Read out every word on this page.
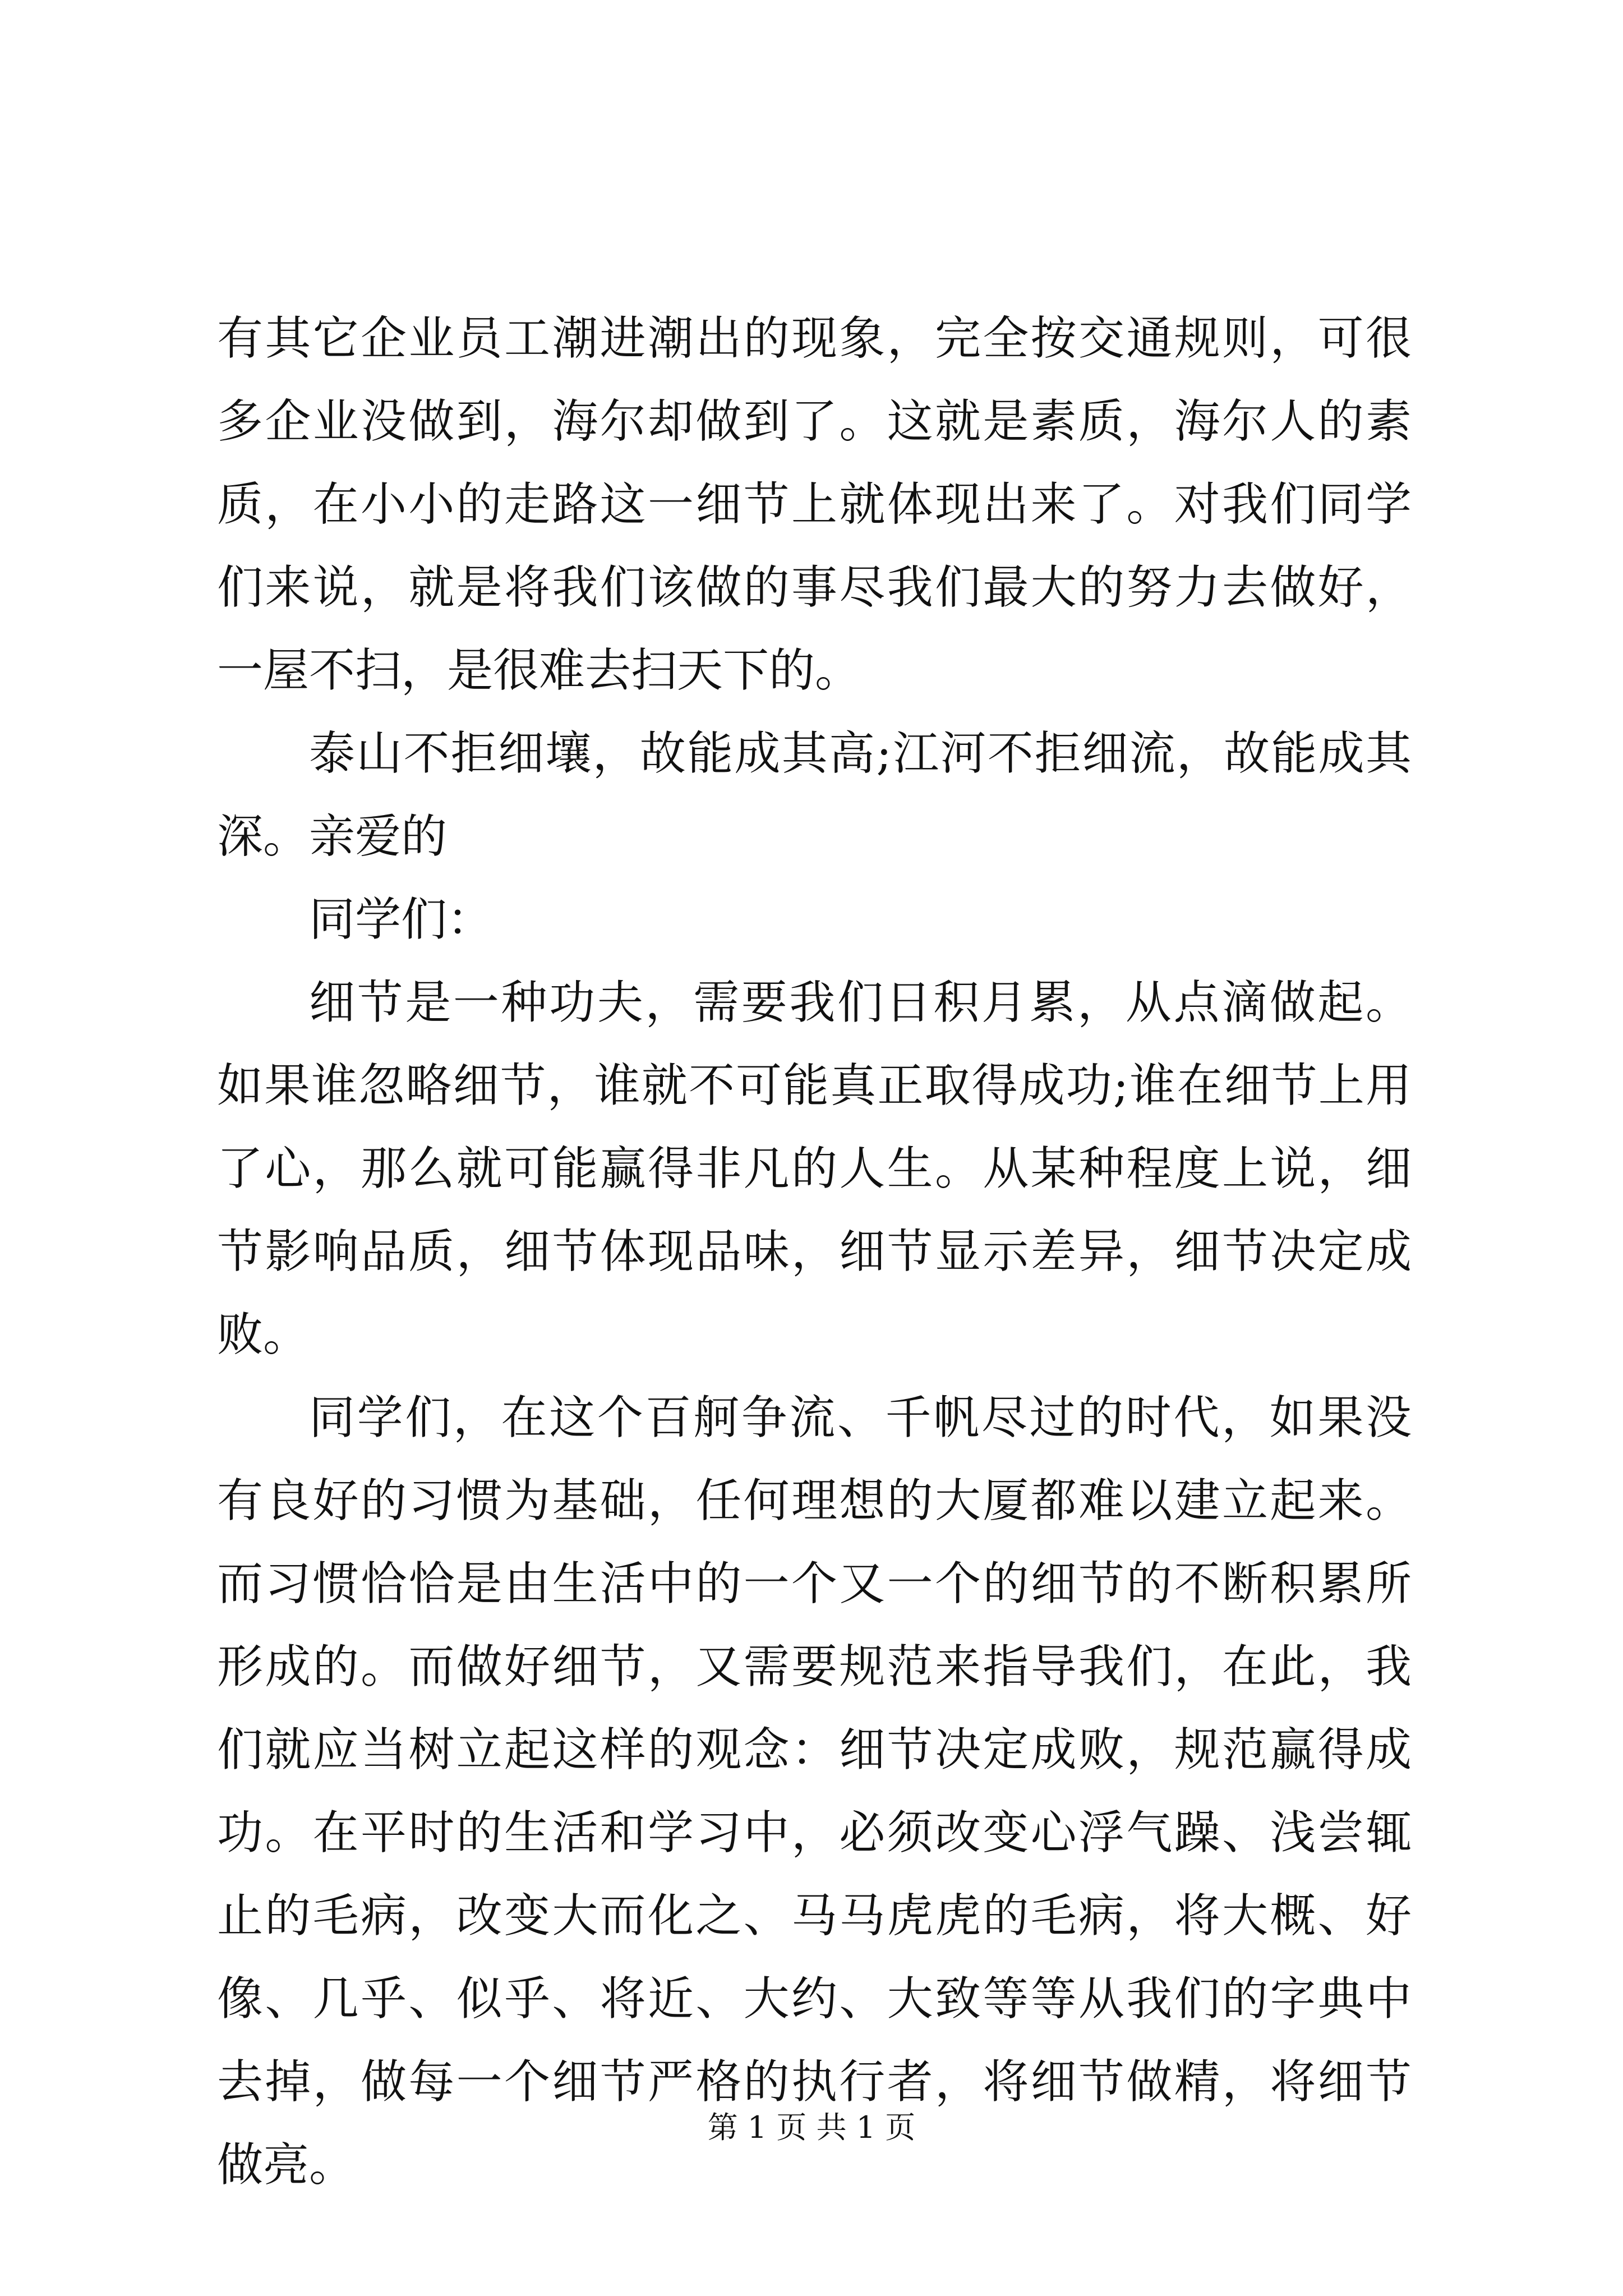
有其它企业员工潮进潮出的现象，完全按交通规则，可很多企业没做到，海尔却做到了。这就是素质，海尔人的素质，在小小的走路这一细节上就体现出来了。对我们同学们来说，就是将我们该做的事尽我们最大的努力去做好，一屋不扫，是很难去扫天下的。

泰山不拒细壤，故能成其高;江河不拒细流，故能成其深。亲爱的

同学们：

细节是一种功夫，需要我们日积月累，从点滴做起。如果谁忽略细节，谁就不可能真正取得成功;谁在细节上用了心，那么就可能赢得非凡的人生。从某种程度上说，细节影响品质，细节体现品味，细节显示差异，细节决定成败。

同学们，在这个百舸争流、千帆尽过的时代，如果没有良好的习惯为基础，任何理想的大厦都难以建立起来。而习惯恰恰是由生活中的一个又一个的细节的不断积累所形成的。而做好细节，又需要规范来指导我们，在此，我们就应当树立起这样的观念：细节决定成败，规范赢得成功。在平时的生活和学习中，必须改变心浮气躁、浅尝辄止的毛病，改变大而化之、马马虎虎的毛病，将大概、好像、几乎、似乎、将近、大约、大致等等从我们的字典中去掉，做每一个细节严格的执行者，将细节做精，将细节做亮。

第 1 页 共 1 页
